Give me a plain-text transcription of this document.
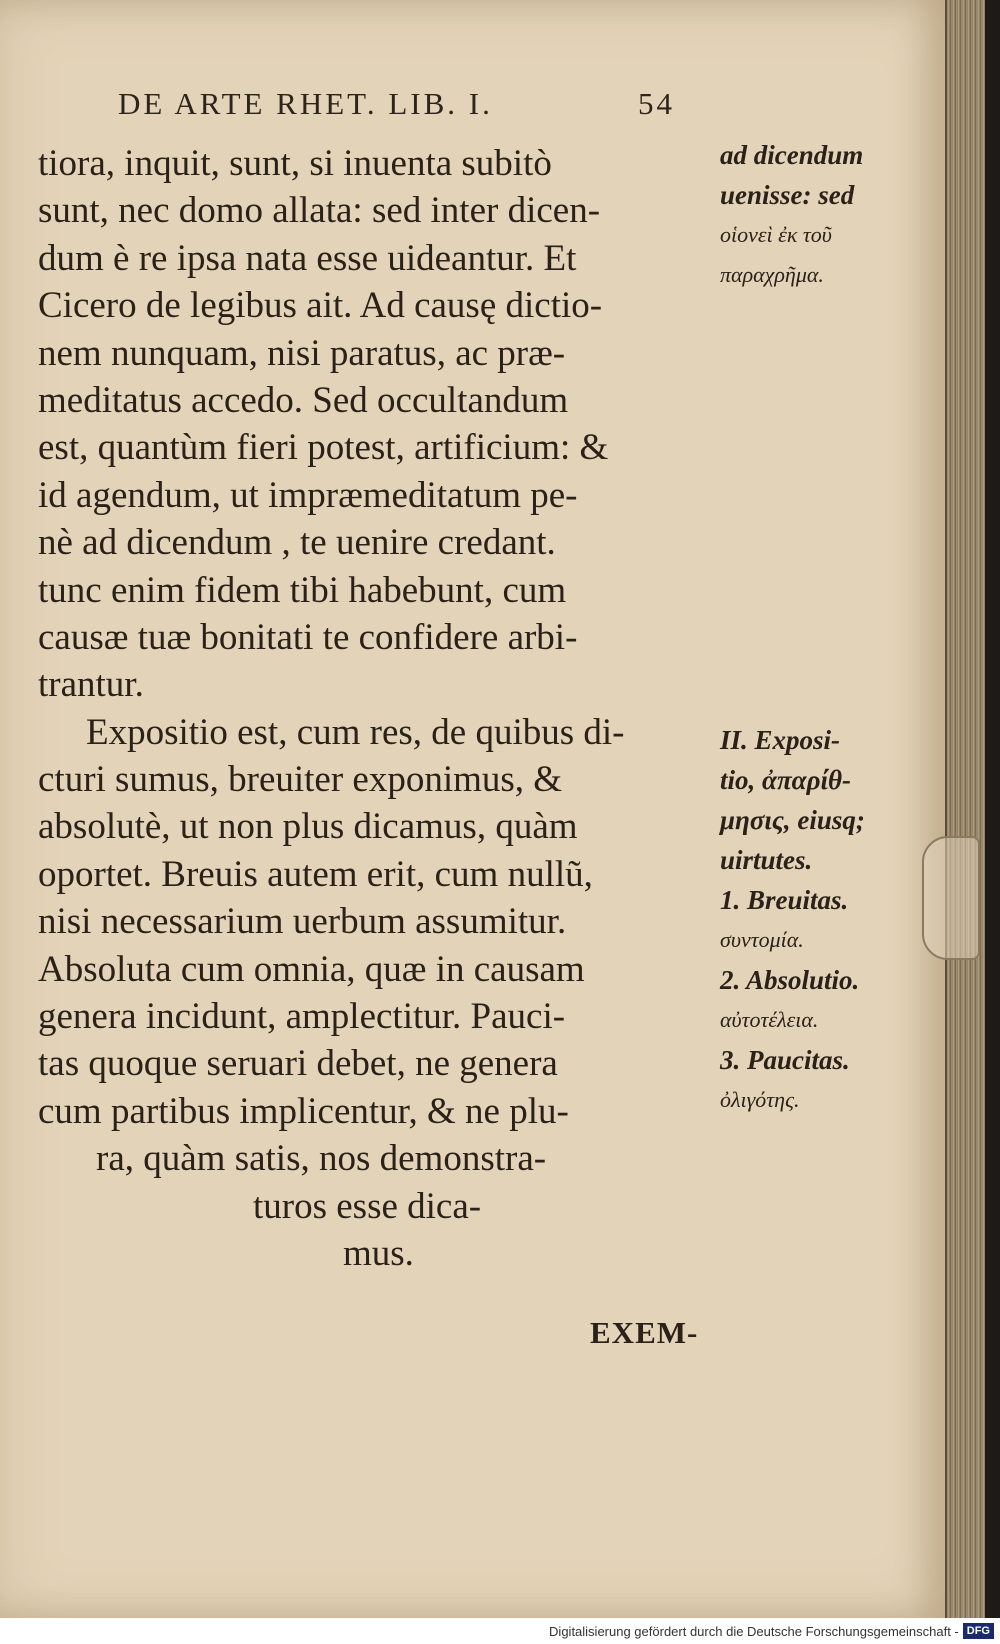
DE ARTE RHET. LIB. I.	54
tiora, inquit, sunt, si inuenta subitò
sunt, nec domo allata: sed inter dicen-
dum è re ipsa nata esse uideantur. Et
Cicero de legibus ait. Ad causę dictio-
nem nunquam, nisi paratus, ac præ-
meditatus accedo. Sed occultandum
est, quantùm fieri potest, artificium: &
id agendum, ut impræmeditatum pe-
nè ad dicendum , te uenire credant.
tunc enim fidem tibi habebunt, cum
causæ tuæ bonitati te confidere arbi-
trantur.
Expositio est, cum res, de quibus di-
cturi sumus, breuiter exponimus, &
absolutè, ut non plus dicamus, quàm
oportet. Breuis autem erit, cum nullũ,
nisi necessarium uerbum assumitur.
Absoluta cum omnia, quæ in causam
genera incidunt, amplectitur. Pauci-
tas quoque seruari debet, ne genera
cum partibus implicentur, & ne plu-
ra, quàm satis, nos demonstra-
turos esse dica-
mus.
EXEM-
ad dicendum
uenisse: sed
οἱονεὶ ἐκ τοῦ
παραχρῆμα.
II. Exposi-
tio, ἀπαρίθ-
μησις, eiusq;
uirtutes.
1. Breuitas.
συντομία.
2. Absolutio.
αὐτοτέλεια.
3. Paucitas.
ὀλιγότης.
Digitalisierung gefördert durch die Deutsche Forschungsgemeinschaft - DFG
